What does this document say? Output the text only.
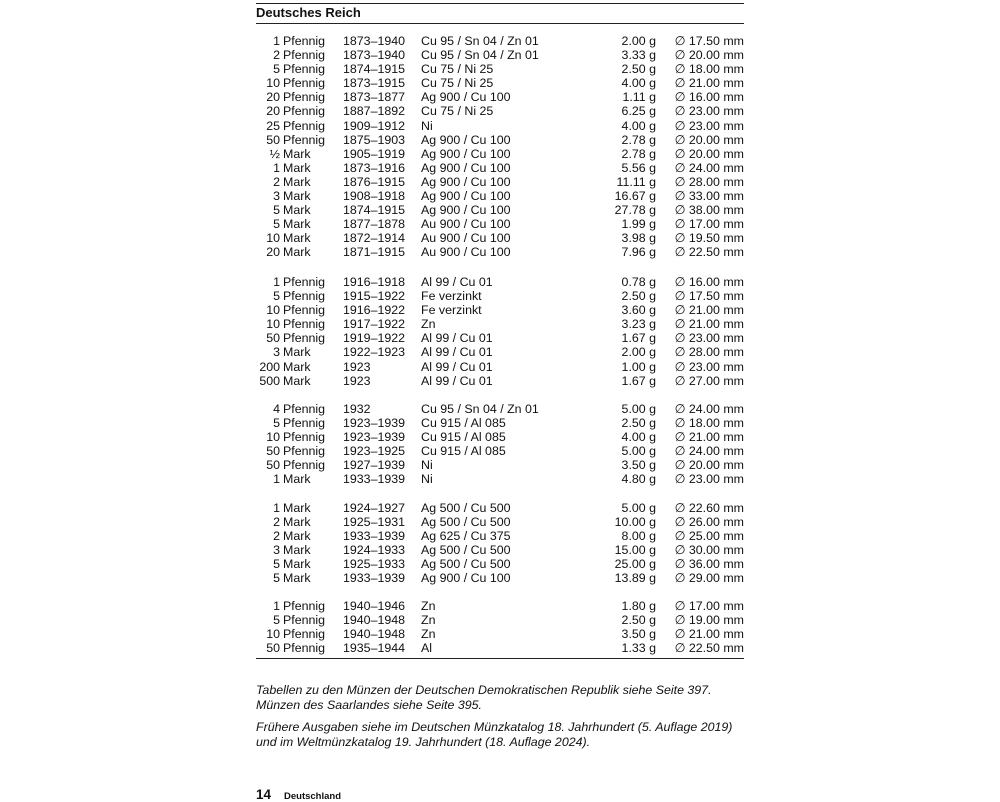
Deutsches Reich
1 Pfennig 1873–1940 Cu 95 / Sn 04 / Zn 01	2.00 g ∅ 17.50 mm
2 Pfennig 1873–1940 Cu 95 / Sn 04 / Zn 01	3.33 g ∅ 20.00 mm
5 Pfennig 1874–1915 Cu 75 / Ni 25	2.50 g ∅ 18.00 mm
10 Pfennig 1873–1915 Cu 75 / Ni 25	4.00 g ∅ 21.00 mm
20 Pfennig 1873–1877 Ag 900 / Cu 100	1.11 g ∅ 16.00 mm
20 Pfennig 1887–1892 Cu 75 / Ni 25	6.25 g ∅ 23.00 mm
25 Pfennig 1909–1912 Ni	4.00 g ∅ 23.00 mm
50 Pfennig 1875–1903 Ag 900 / Cu 100	2.78 g ∅ 20.00 mm
½ Mark	1905–1919 Ag 900 / Cu 100	2.78 g ∅ 20.00 mm
1 Mark	1873–1916 Ag 900 / Cu 100	5.56 g ∅ 24.00 mm
2 Mark	1876–1915 Ag 900 / Cu 100	11.11 g ∅ 28.00 mm
3 Mark	1908–1918 Ag 900 / Cu 100	16.67 g ∅ 33.00 mm
5 Mark	1874–1915 Ag 900 / Cu 100	27.78 g ∅ 38.00 mm
5 Mark	1877–1878 Au 900 / Cu 100	1.99 g ∅ 17.00 mm
10 Mark	1872–1914 Au 900 / Cu 100	3.98 g ∅ 19.50 mm
20 Mark	1871–1915 Au 900 / Cu 100	7.96 g ∅ 22.50 mm
1 Pfennig 1916–1918 Al 99 / Cu 01	0.78 g ∅ 16.00 mm
5 Pfennig 1915–1922 Fe verzinkt	2.50 g ∅ 17.50 mm
10 Pfennig 1916–1922 Fe verzinkt	3.60 g ∅ 21.00 mm
10 Pfennig 1917–1922 Zn	3.23 g ∅ 21.00 mm
50 Pfennig 1919–1922 Al 99 / Cu 01	1.67 g ∅ 23.00 mm
3 Mark	1922–1923 Al 99 / Cu 01	2.00 g ∅ 28.00 mm
200 Mark	1923	Al 99 / Cu 01	1.00 g ∅ 23.00 mm
500 Mark	1923	Al 99 / Cu 01	1.67 g ∅ 27.00 mm
4 Pfennig 1932	Cu 95 / Sn 04 / Zn 01	5.00 g ∅ 24.00 mm
5 Pfennig 1923–1939 Cu 915 / Al 085	2.50 g ∅ 18.00 mm
10 Pfennig 1923–1939 Cu 915 / Al 085	4.00 g ∅ 21.00 mm
50 Pfennig 1923–1925 Cu 915 / Al 085	5.00 g ∅ 24.00 mm
50 Pfennig 1927–1939 Ni	3.50 g ∅ 20.00 mm
1 Mark	1933–1939 Ni	4.80 g ∅ 23.00 mm
1 Mark	1924–1927 Ag 500 / Cu 500	5.00 g ∅ 22.60 mm
2 Mark	1925–1931 Ag 500 / Cu 500	10.00 g ∅ 26.00 mm
2 Mark	1933–1939 Ag 625 / Cu 375	8.00 g ∅ 25.00 mm
3 Mark	1924–1933 Ag 500 / Cu 500	15.00 g ∅ 30.00 mm
5 Mark	1925–1933 Ag 500 / Cu 500	25.00 g ∅ 36.00 mm
5 Mark	1933–1939 Ag 900 / Cu 100	13.89 g ∅ 29.00 mm
1 Pfennig 1940–1946 Zn	1.80 g ∅ 17.00 mm
5 Pfennig 1940–1948 Zn	2.50 g ∅ 19.00 mm
10 Pfennig 1940–1948 Zn	3.50 g ∅ 21.00 mm
50 Pfennig 1935–1944 Al	1.33 g ∅ 22.50 mm
Tabellen zu den Münzen der Deutschen Demokratischen Republik siehe Seite 397. Münzen des Saarlandes siehe Seite 395.
Frühere Ausgaben siehe im Deutschen Münzkatalog 18. Jahrhundert (5. Auflage 2019) und im Weltmünzkatalog 19. Jahrhundert (18. Auflage 2024).
14 Deutschland
